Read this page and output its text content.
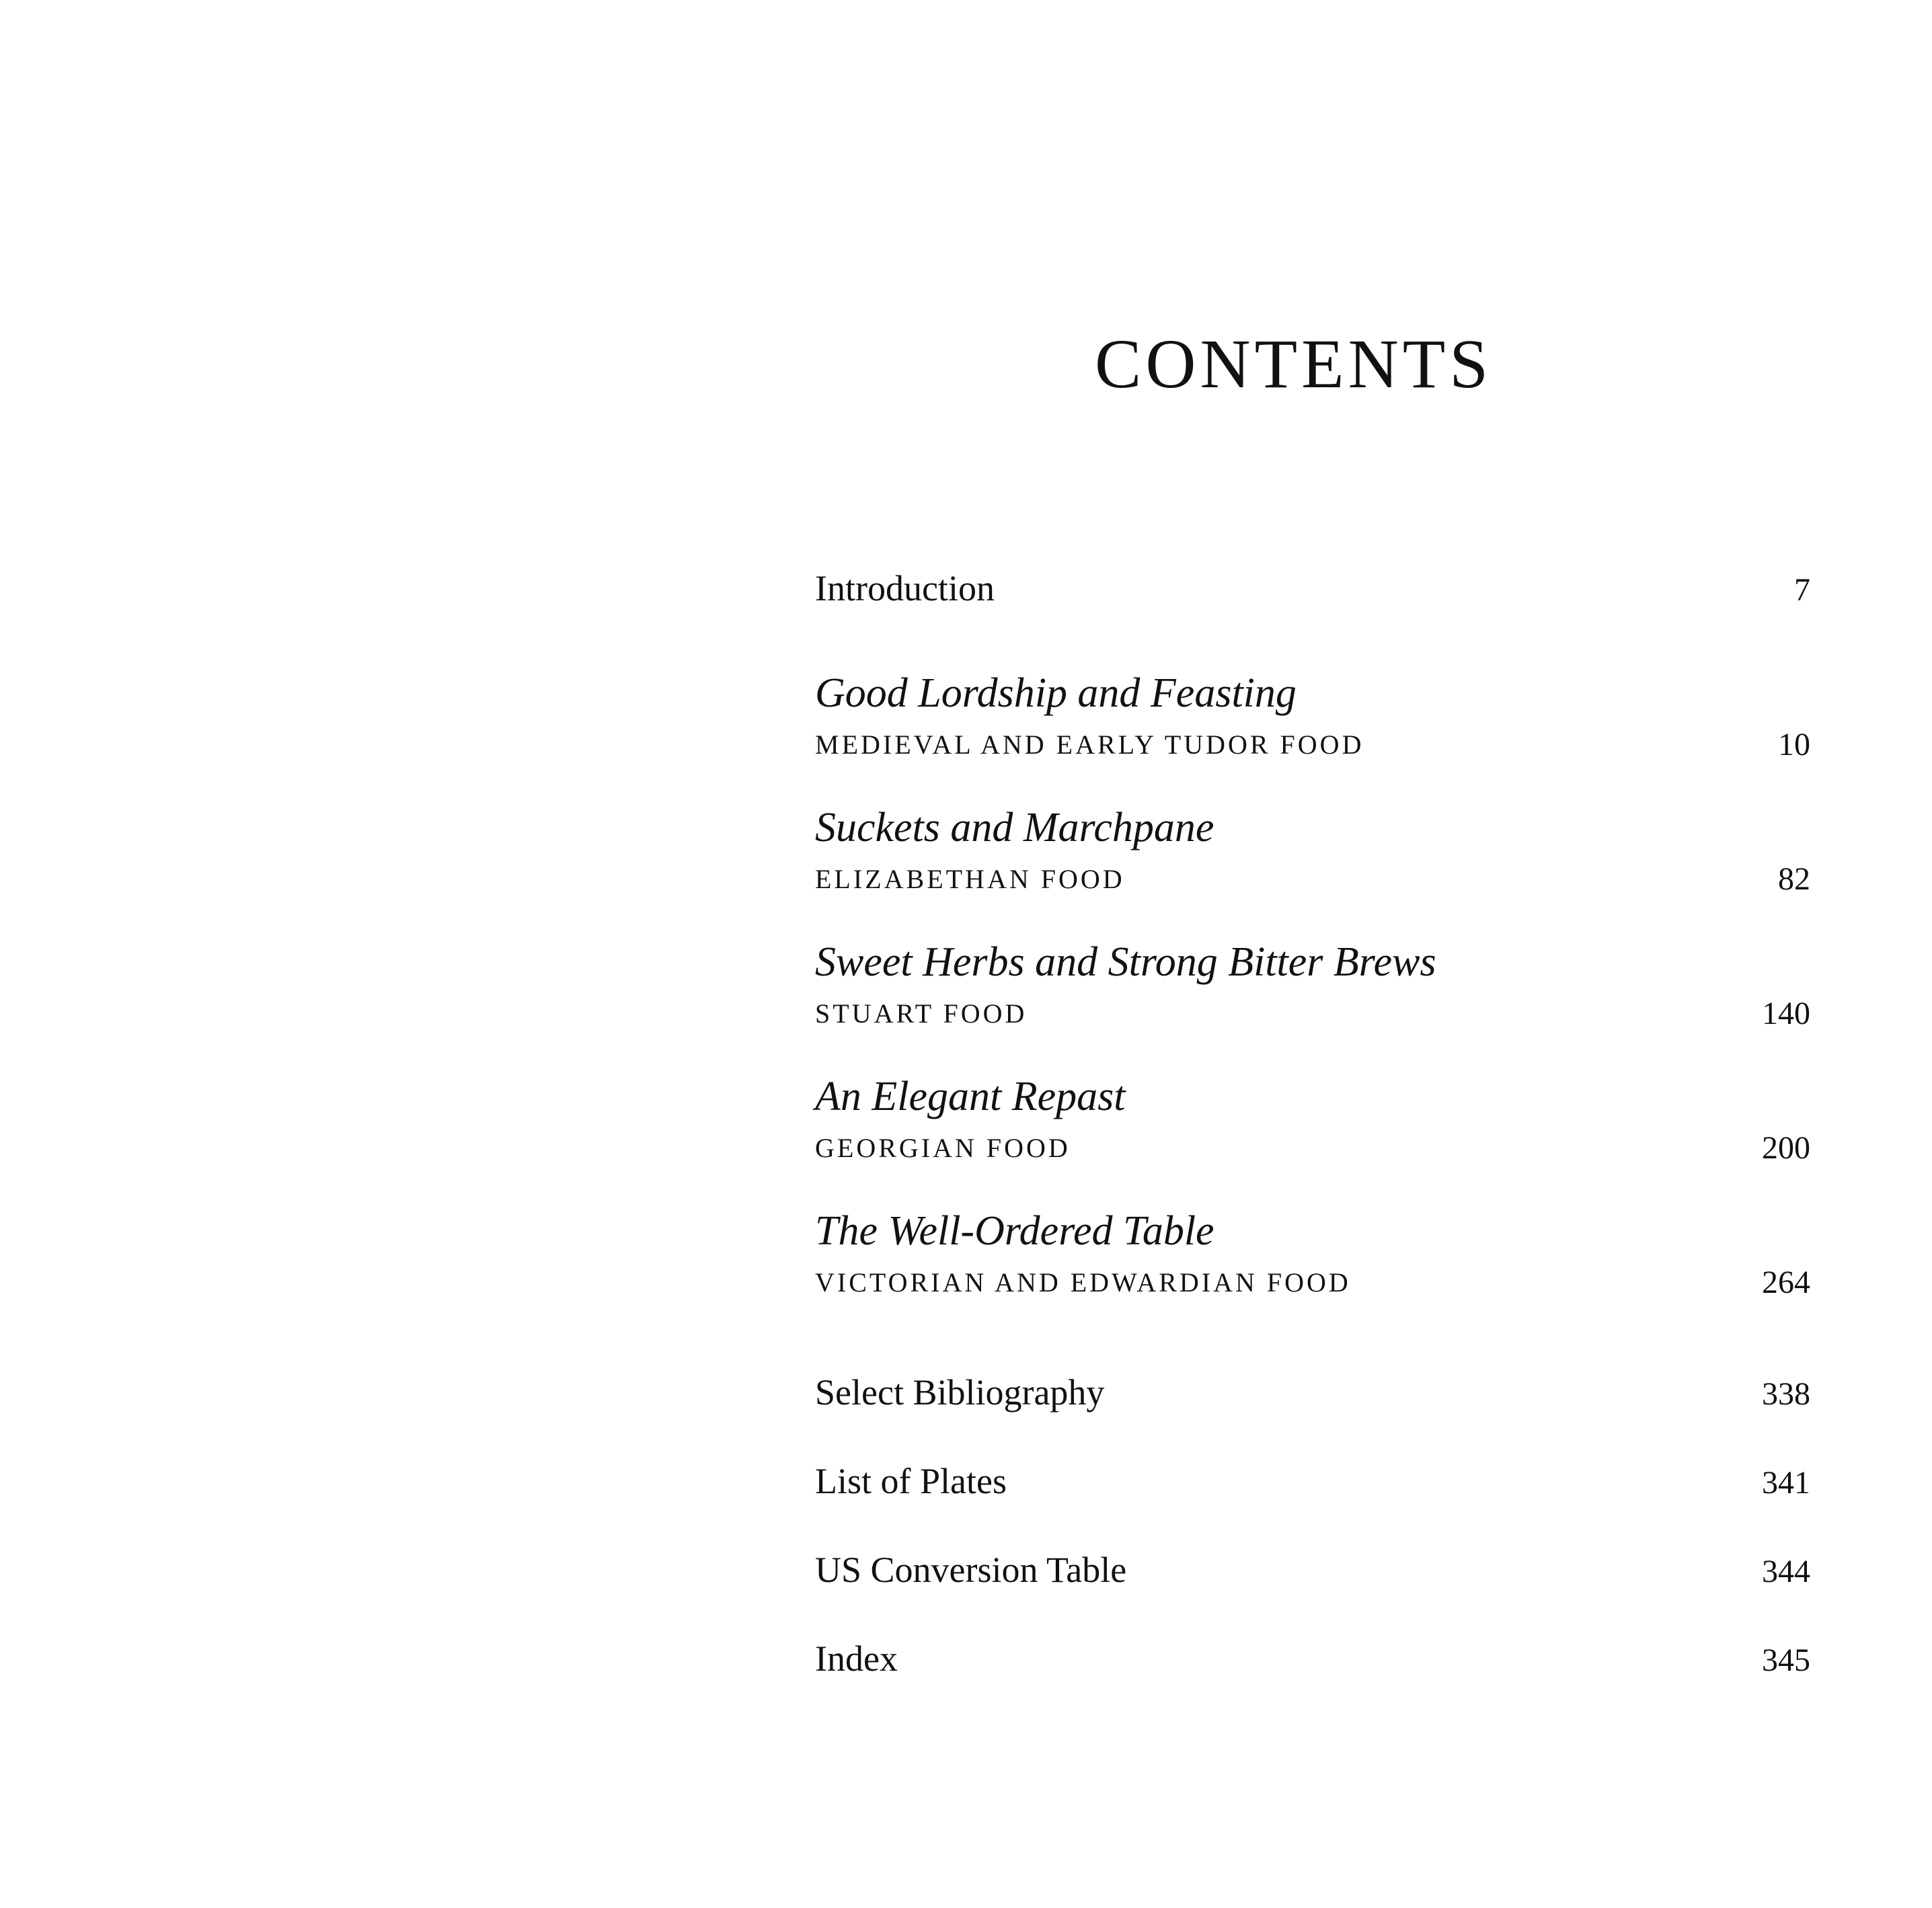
CONTENTS
Introduction	7
Good Lordship and Feasting
MEDIEVAL AND EARLY TUDOR FOOD	10
Suckets and Marchpane
ELIZABETHAN FOOD	82
Sweet Herbs and Strong Bitter Brews
STUART FOOD	140
An Elegant Repast
GEORGIAN FOOD	200
The Well-Ordered Table
VICTORIAN AND EDWARDIAN FOOD	264
Select Bibliography	338
List of Plates	341
US Conversion Table	344
Index	345
